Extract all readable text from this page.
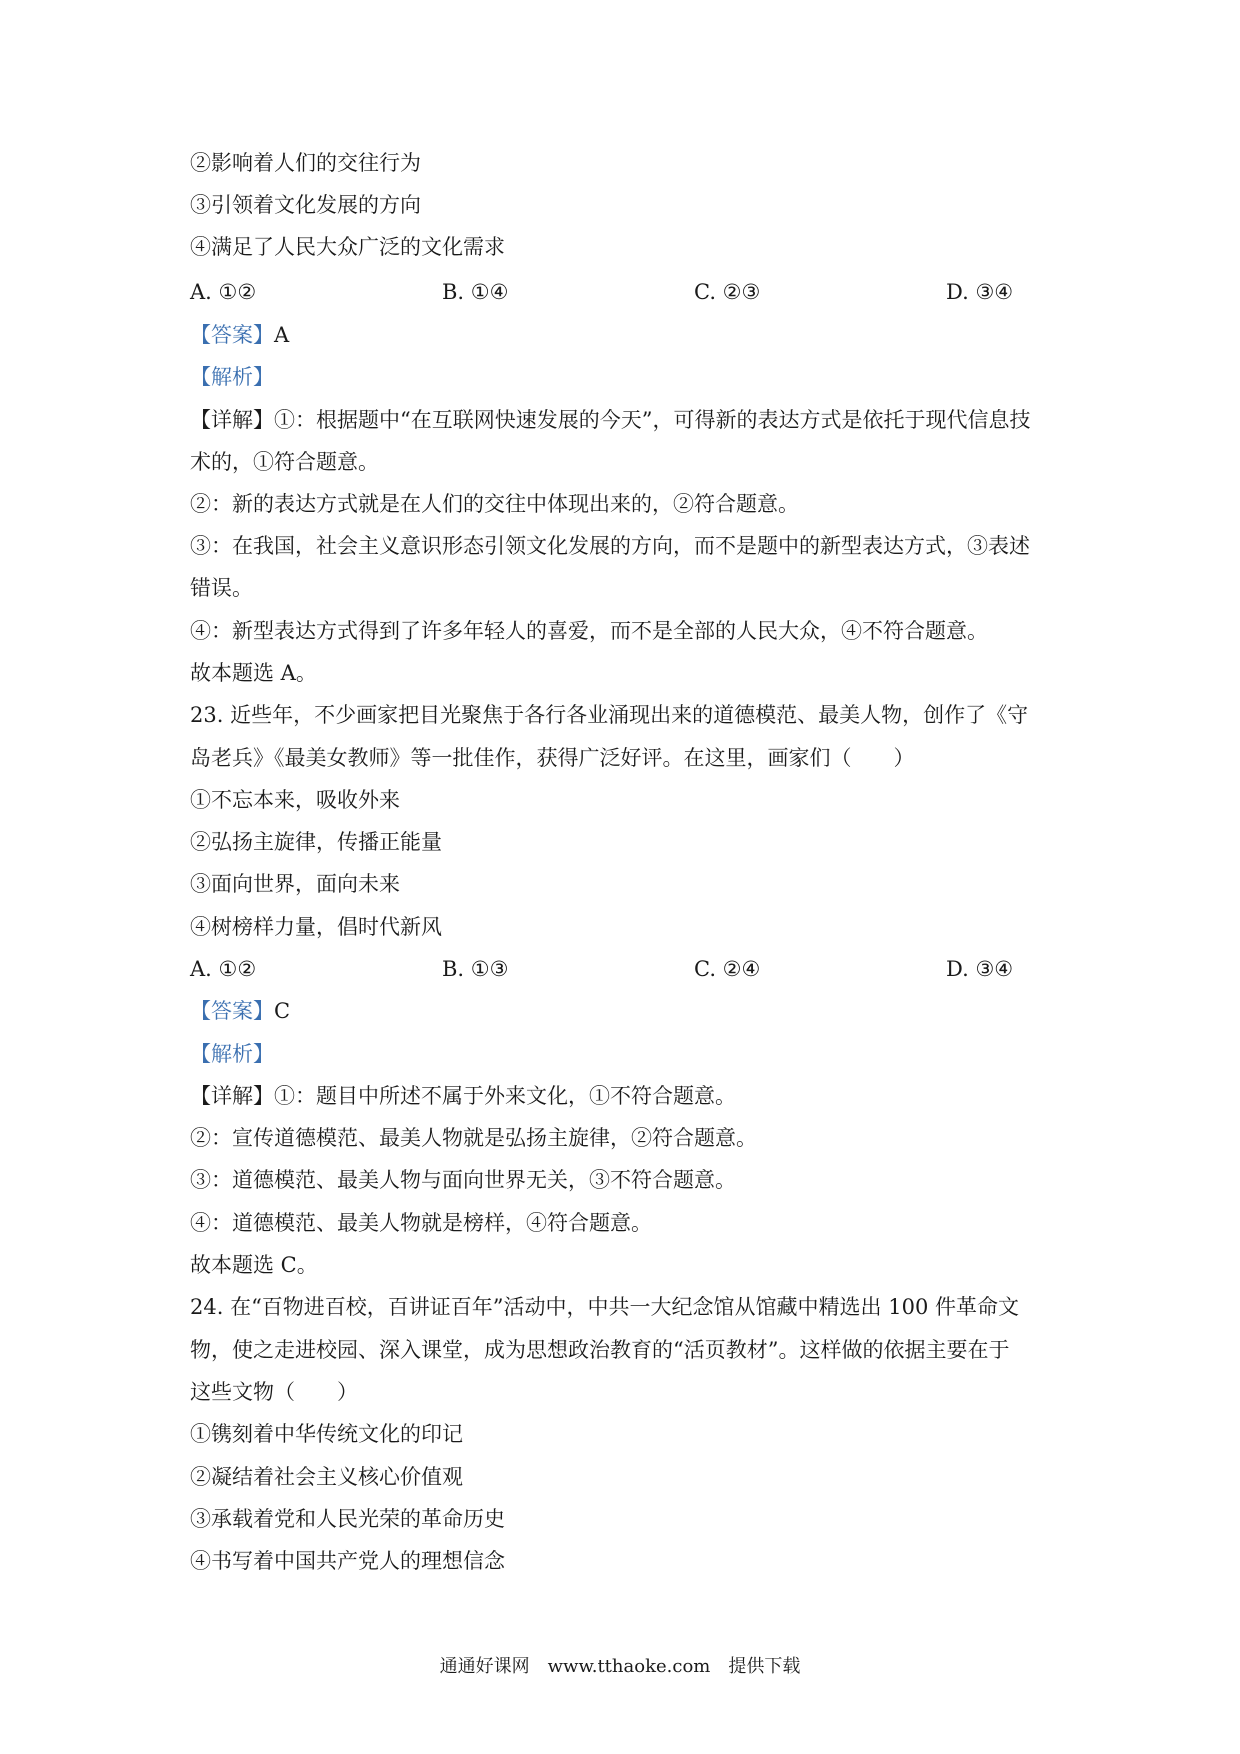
②影响着人们的交往行为
③引领着文化发展的方向
④满足了人民大众广泛的文化需求
A. ①②	B. ①④	C. ②③	D. ③④
【答案】A
【解析】
【详解】①：根据题中“在互联网快速发展的今天”，可得新的表达方式是依托于现代信息技
术的，①符合题意。
②：新的表达方式就是在人们的交往中体现出来的，②符合题意。
③：在我国，社会主义意识形态引领文化发展的方向，而不是题中的新型表达方式，③表述
错误。
④：新型表达方式得到了许多年轻人的喜爱，而不是全部的人民大众，④不符合题意。
故本题选 A。
23. 近些年，不少画家把目光聚焦于各行各业涌现出来的道德模范、最美人物，创作了《守
岛老兵》《最美女教师》等一批佳作，获得广泛好评。在这里，画家们（　　）
①不忘本来，吸收外来
②弘扬主旋律，传播正能量
③面向世界，面向未来
④树榜样力量，倡时代新风
A. ①②	B. ①③	C. ②④	D. ③④
【答案】C
【解析】
【详解】①：题目中所述不属于外来文化，①不符合题意。
②：宣传道德模范、最美人物就是弘扬主旋律，②符合题意。
③：道德模范、最美人物与面向世界无关，③不符合题意。
④：道德模范、最美人物就是榜样，④符合题意。
故本题选 C。
24. 在“百物进百校，百讲证百年”活动中，中共一大纪念馆从馆藏中精选出 100 件革命文
物，使之走进校园、深入课堂，成为思想政治教育的“活页教材”。这样做的依据主要在于
这些文物（　　）
①镌刻着中华传统文化的印记
②凝结着社会主义核心价值观
③承载着党和人民光荣的革命历史
④书写着中国共产党人的理想信念
通通好课网　www.tthaoke.com　提供下载
